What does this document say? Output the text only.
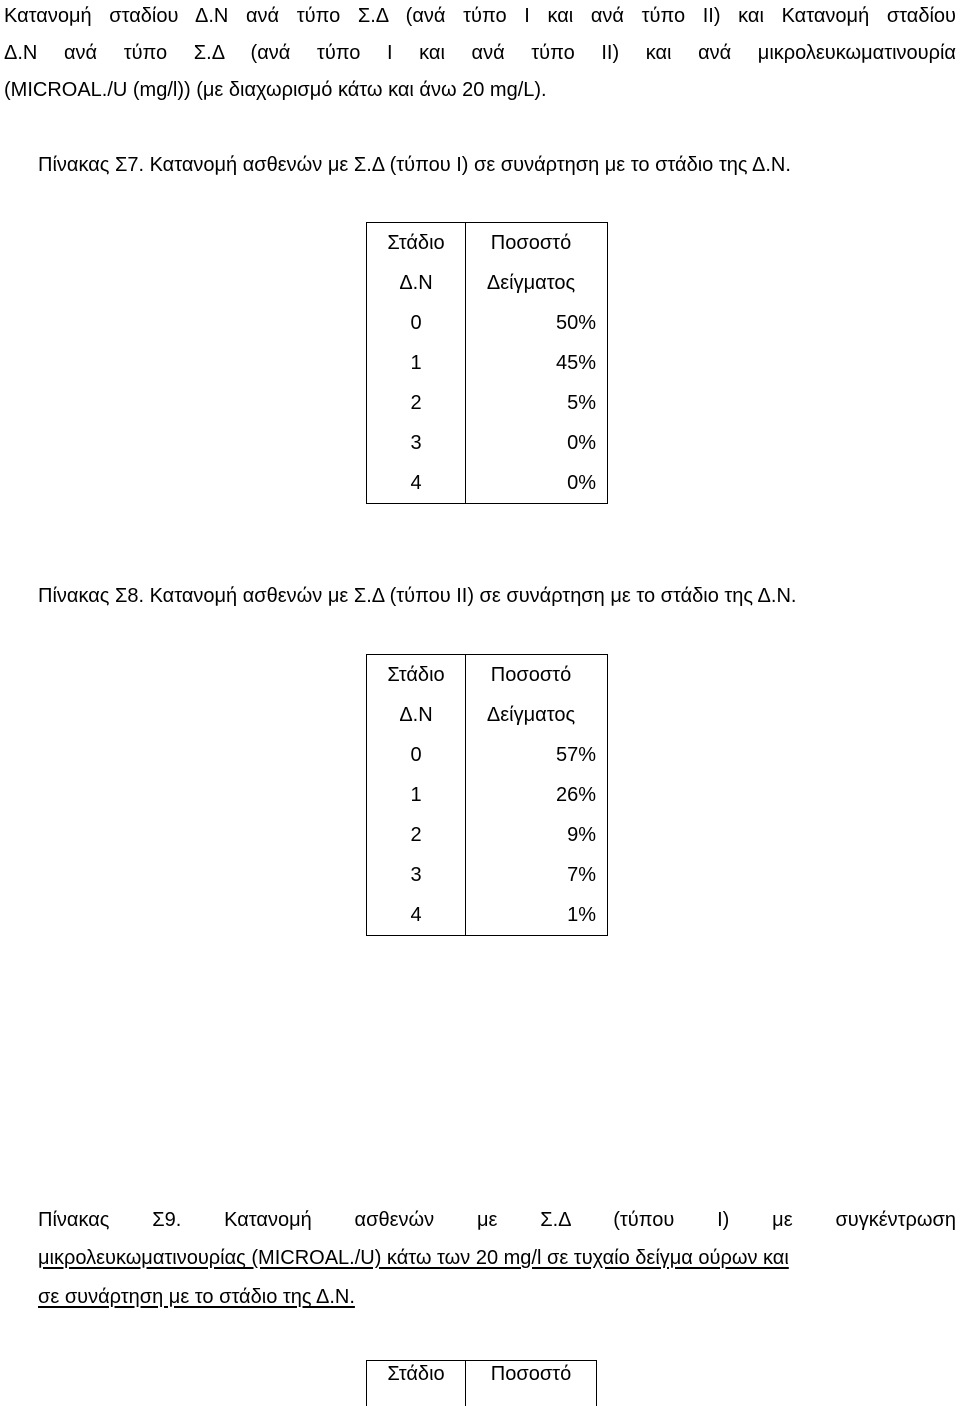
Κατανομή σταδίου Δ.Ν ανά τύπο Σ.Δ (ανά τύπο Ι και ανά τύπο ΙΙ) και Κατανομή σταδίου
Δ.Ν ανά τύπο Σ.Δ (ανά τύπο Ι και ανά τύπο ΙΙ) και ανά μικρολευκωματινουρία
(MICROAL./U (mg/l)) (με διαχωρισμό κάτω και άνω 20 mg/L).
Πίνακας Σ7. Κατανομή ασθενών με Σ.Δ (τύπου Ι) σε συνάρτηση με το στάδιο της Δ.Ν.
Στάδιο	Ποσοστό

Δ.Ν	Δείγματος

0	50%
1	45%
2	5%
3	0%
4	0%
Πίνακας Σ8. Κατανομή ασθενών με Σ.Δ (τύπου ΙΙ) σε συνάρτηση με το στάδιο της Δ.Ν.
Στάδιο	Ποσοστό

Δ.Ν	Δείγματος

0	57%
1	26%
2	9%
3	7%
4	1%
Πίνακας Σ9. Κατανομή ασθενών με Σ.Δ (τύπου Ι) με συγκέντρωση
μικρολευκωματινουρίας (MICROAL./U) κάτω των 20 mg/l σε τυχαίο δείγμα ούρων και
σε συνάρτηση με το στάδιο της Δ.Ν.
Στάδιο	Ποσοστό
